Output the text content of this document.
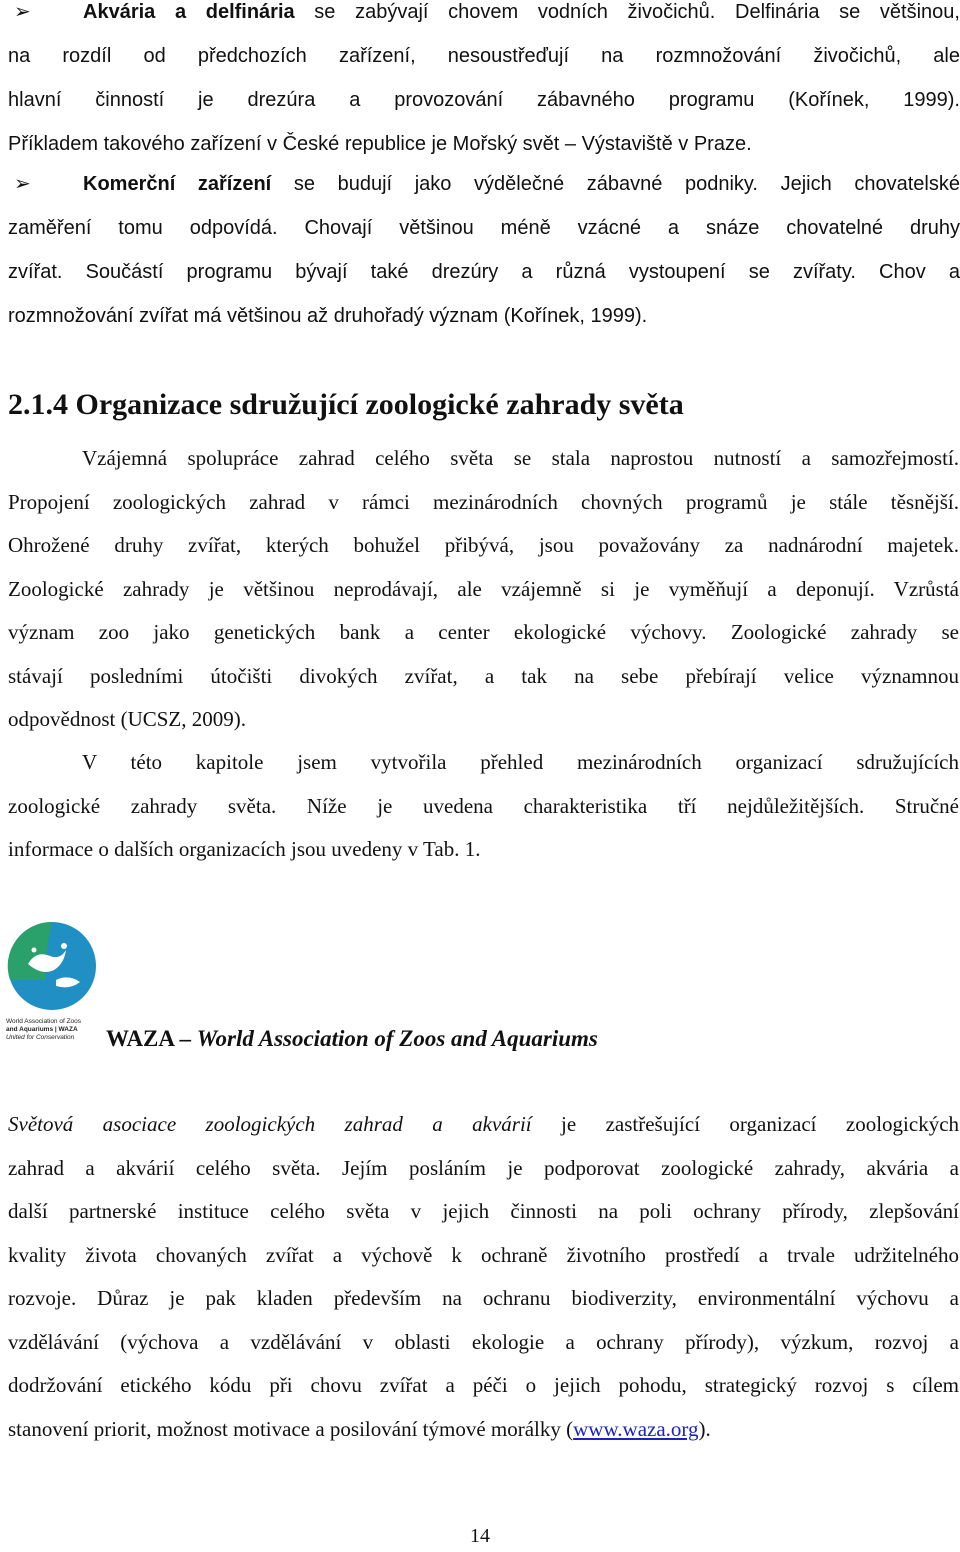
➢	Akvária a delfinária se zabývají chovem vodních živočichů. Delfinária se většinou,
na rozdíl od předchozích zařízení, nesoustřeďují na rozmnožování živočichů, ale
hlavní činností je drezúra a provozování zábavného programu (Kořínek, 1999).
Příkladem takového zařízení v České republice je Mořský svět – Výstaviště v Praze.
➢	Komerční zařízení se budují jako výdělečné zábavné podniky. Jejich chovatelské
zaměření tomu odpovídá. Chovají většinou méně vzácné a snáze chovatelné druhy
zvířat. Součástí programu bývají také drezúry a různá vystoupení se zvířaty. Chov a
rozmnožování zvířat má většinou až druhořadý význam (Kořínek, 1999).
2.1.4 Organizace sdružující zoologické zahrady světa
Vzájemná spolupráce zahrad celého světa se stala naprostou nutností a samozřejmostí.
Propojení zoologických zahrad v rámci mezinárodních chovných programů je stále těsnější.
Ohrožené druhy zvířat, kterých bohužel přibývá, jsou považovány za nadnárodní majetek.
Zoologické zahrady je většinou neprodávají, ale vzájemně si je vyměňují a deponují. Vzrůstá
význam zoo jako genetických bank a center ekologické výchovy. Zoologické zahrady se
stávají posledními útočišti divokých zvířat, a tak na sebe přebírají velice významnou
odpovědnost (UCSZ, 2009).
V této kapitole jsem vytvořila přehled mezinárodních organizací sdružujících
zoologické zahrady světa. Níže je uvedena charakteristika tří nejdůležitějších. Stručné
informace o dalších organizacích jsou uvedeny v Tab. 1.
World Association of Zoos
and Aquariums | WAZA
United for Conservation	WAZA – World Association of Zoos and Aquariums
Světová asociace zoologických zahrad a akvárií je zastřešující organizací zoologických
zahrad a akvárií celého světa. Jejím posláním je podporovat zoologické zahrady, akvária a
další partnerské instituce celého světa v jejich činnosti na poli ochrany přírody, zlepšování
kvality života chovaných zvířat a výchově k ochraně životního prostředí a trvale udržitelného
rozvoje. Důraz je pak kladen především na ochranu biodiverzity, environmentální výchovu a
vzdělávání (výchova a vzdělávání v oblasti ekologie a ochrany přírody), výzkum, rozvoj a
dodržování etického kódu při chovu zvířat a péči o jejich pohodu, strategický rozvoj s cílem
stanovení priorit, možnost motivace a posilování týmové morálky (www.waza.org).
14
